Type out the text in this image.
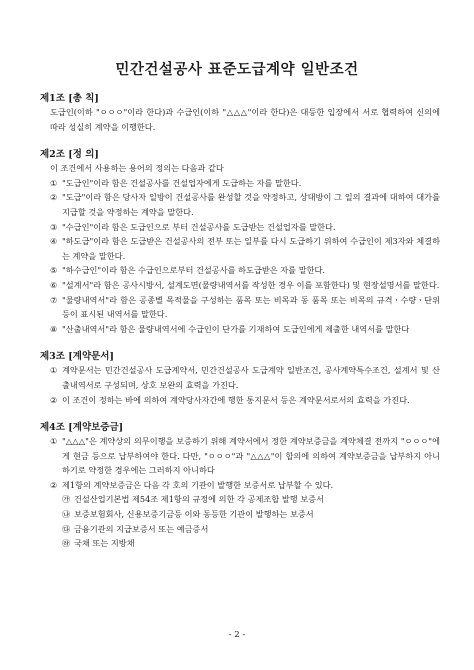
민간건설공사 표준도급계약 일반조건
제1조 [총 칙]
도급인(이하 "ㅇㅇㅇ"이라 한다)과 수급인(이하 "△△△"이라 한다)은 대등한 입장에서 서로 협력하여 신의에 따라 성실히 계약을 이행한다.
제2조 [정 의]
이 조건에서 사용하는 용어의 정의는 다음과 같다
① "도급인"이라 함은 건설공사를 건설업자에게 도급하는 자를 말한다.
② "도급"이라 함은 당사자 일방이 건설공사를 완성할 것을 약정하고, 상대방이 그 일의 결과에 대하여 대가를 지급할 것을 약정하는 계약을 말한다.
③ "수급인"이라 함은 도급인으로 부터 건설공사를 도급받는 건설업자를 말한다.
④ "하도급"이라 함은 도급받은 건설공사의 전부 또는 일부를 다시 도급하기 위하여 수급인이 제3자와 체결하는 계약을 말한다.
⑤ "하수급인"이라 함은 수급인으로부터 건설공사를 하도급받은 자를 말한다.
⑥ "설계서"라 함은 공사시방서, 설계도면(물량내역서를 작성한 경우 이를 포함한다) 및 현장설명서를 말한다.
⑦ "물량내역서"라 함은 공종별 목적물을 구성하는 품목 또는 비목과 동 품목 또는 비목의 규격ㆍ수량ㆍ단위 등이 표시된 내역서를 말한다.
⑧ "산출내역서"라 함은 물량내역서에 수급인이 단가를 기재하여 도급인에게 제출한 내역서를 말한다
제3조 [계약문서]
① 계약문서는 민간건설공사 도급계약서, 민간건설공사 도급계약 일반조건, 공사계약특수조건, 설계서 및 산출내역서로 구성되며, 상호 보완의 효력을 가진다.
② 이 조건이 정하는 바에 의하여 계약당사자간에 행한 통지문서 등은 계약문서로서의 효력을 가진다.
제4조 [계약보증금]
① "△△△"은 계약상의 의무이행을 보증하기 위해 계약서에서 정한 계약보증금을 계약체결 전까지 "ㅇㅇㅇ"에게 현금 등으로 납부하여야 한다. 다만, "ㅇㅇㅇ"과 "△△△"이 합의에 의하여 계약보증금을 납부하지 아니하기로 약정한 경우에는 그러하지 아니하다
② 제1항의 계약보증금은 다음 각 호의 기관이 발행한 보증서로 납부할 수 있다.
㉮ 건설산업기본법 제54조 제1항의 규정에 의한 각 공제조합 발행 보증서
㉯ 보증보험회사, 신용보증기금등 이와 동등한 기관이 발행하는 보증서
㉰ 금융기관의 지급보증서 또는 예금증서
㉱ 국채 또는 지방채
- 2 -
